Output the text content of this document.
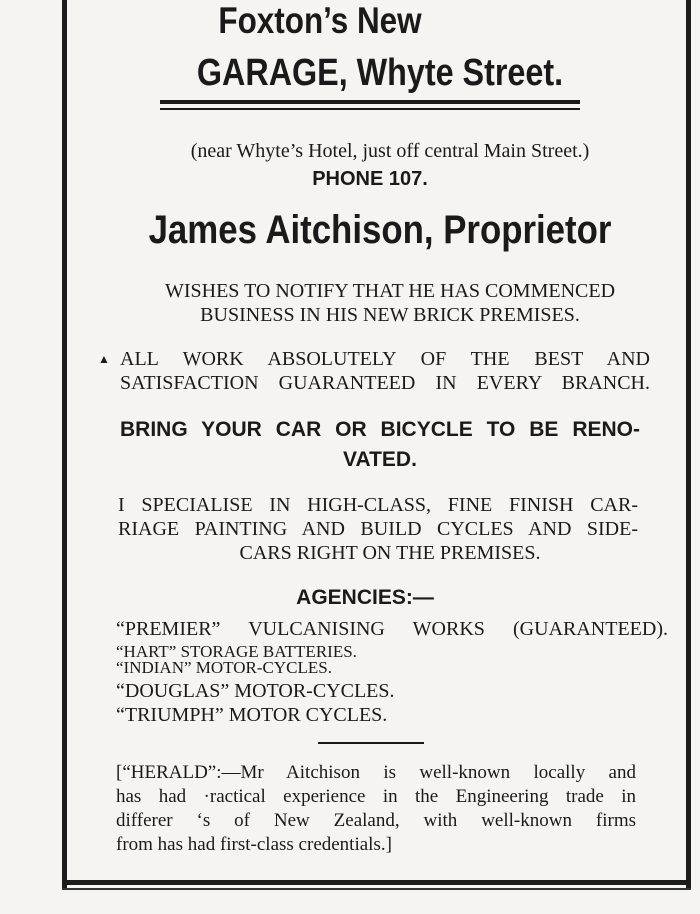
Foxton’s New
GARAGE, Whyte Street.
(near Whyte’s Hotel, just off central Main Street.)
PHONE 107.
James Aitchison, Proprietor
WISHES TO NOTIFY THAT HE HAS COMMENCED
BUSINESS IN HIS NEW BRICK PREMISES.
▲ ALL WORK ABSOLUTELY OF THE BEST AND
SATISFACTION GUARANTEED IN EVERY BRANCH.
BRING YOUR CAR OR BICYCLE TO BE RENO-
VATED.
I SPECIALISE IN HIGH-CLASS, FINE FINISH CAR-
RIAGE PAINTING AND BUILD CYCLES AND SIDE-
CARS RIGHT ON THE PREMISES.
AGENCIES:—
“PREMIER” VULCANISING WORKS (GUARANTEED).
“HART” STORAGE BATTERIES.
“INDIAN” MOTOR-CYCLES.
“DOUGLAS” MOTOR-CYCLES.
“TRIUMPH” MOTOR CYCLES.
[“HERALD”:—Mr Aitchison is well-known locally and
has had ·ractical experience in the Engineering trade in
differer ‘s of New Zealand, with well-known firms
from has had first-class credentials.]
